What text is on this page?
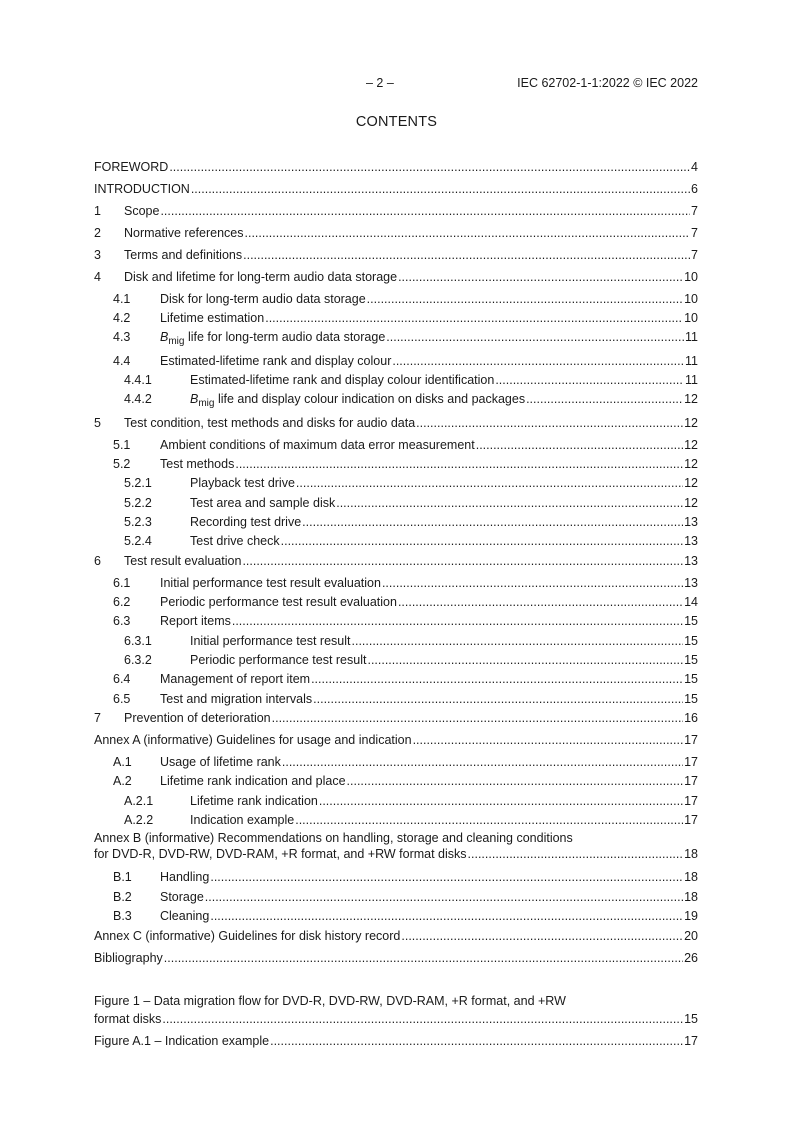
– 2 –	IEC 62702-1-1:2022 © IEC 2022
CONTENTS
FOREWORD .....	4
INTRODUCTION .....	6
1 Scope .....	7
2 Normative references .....	7
3 Terms and definitions .....	7
4 Disk and lifetime for long-term audio data storage .....	10
4.1 Disk for long-term audio data storage .....	10
4.2 Lifetime estimation .....	10
4.3 $B_{mig}$ life for long-term audio data storage .....	11
4.4 Estimated-lifetime rank and display colour .....	11
4.4.1	Estimated-lifetime rank and display colour identification .....	11
4.4.2	$B_{mig}$ life and display colour indication on disks and packages .....	12
5 Test condition, test methods and disks for audio data .....	12
5.1 Ambient conditions of maximum data error measurement .....	12
5.2 Test methods .....	12
5.2.1	Playback test drive .....	12
5.2.2	Test area and sample disk .....	12
5.2.3	Recording test drive .....	13
5.2.4	Test drive check .....	13
6 Test result evaluation .....	13
6.1 Initial performance test result evaluation .....	13
6.2 Periodic performance test result evaluation .....	14
6.3 Report items .....	15
6.3.1	Initial performance test result .....	15
6.3.2	Periodic performance test result .....	15
6.4 Management of report item .....	15
6.5 Test and migration intervals .....	15
7 Prevention of deterioration .....	16
Annex A (informative) Guidelines for usage and indication .....	17
A.1 Usage of lifetime rank .....	17
A.2 Lifetime rank indication and place .....	17
A.2.1	Lifetime rank indication .....	17
A.2.2	Indication example .....	17
Annex B (informative) Recommendations on handling, storage and cleaning conditions
for DVD-R, DVD-RW, DVD-RAM, +R format, and +RW format disks .....	18
B.1 Handling .....	18
B.2 Storage .....	18
B.3 Cleaning .....	19
Annex C (informative) Guidelines for disk history record .....	20
Bibliography .....	26
Figure 1 – Data migration flow for DVD-R, DVD-RW, DVD-RAM, +R format, and +RW
format disks .....	15
Figure A.1 – Indication example .....	17
